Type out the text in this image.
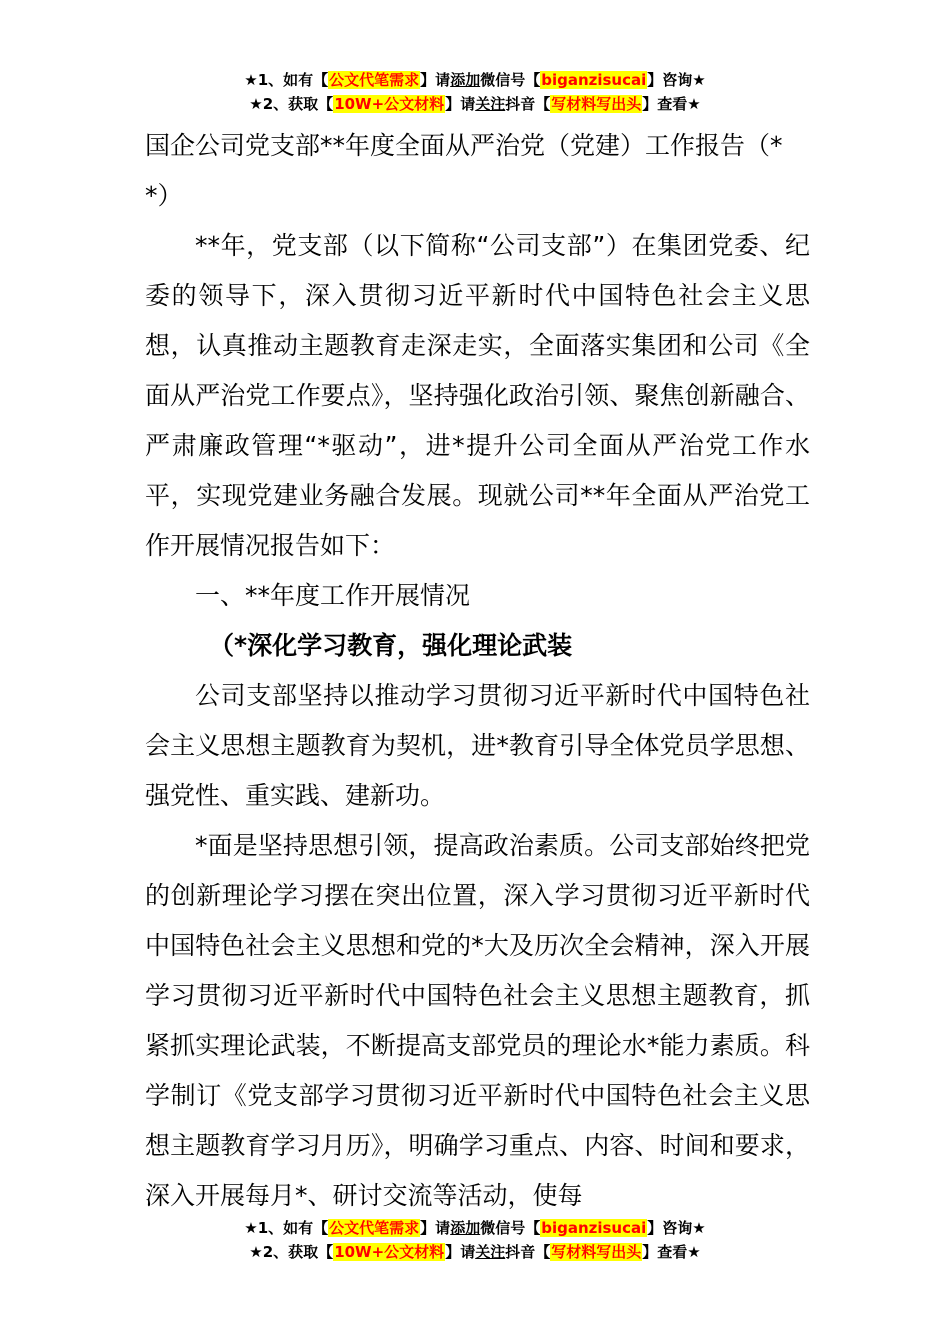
★1、如有【公文代笔需求】请添加微信号【biganzisucai】咨询★
★2、获取【10W+公文材料】请关注抖音【写材料写出头】查看★

国企公司党支部**年度全面从严治党（党建）工作报告（*

*）

**年，党支部（以下简称“公司支部”）在集团党委、纪委的领导下，深入贯彻习近平新时代中国特色社会主义思想，认真推动主题教育走深走实，全面落实集团和公司《全面从严治党工作要点》，坚持强化政治引领、聚焦创新融合、严肃廉政管理“*驱动”，进*提升公司全面从严治党工作水平，实现党建业务融合发展。现就公司**年全面从严治党工作开展情况报告如下：

一、**年度工作开展情况

（*深化学习教育，强化理论武装

公司支部坚持以推动学习贯彻习近平新时代中国特色社会主义思想主题教育为契机，进*教育引导全体党员学思想、强党性、重实践、建新功。

*面是坚持思想引领，提高政治素质。公司支部始终把党的创新理论学习摆在突出位置，深入学习贯彻习近平新时代中国特色社会主义思想和党的*大及历次全会精神，深入开展学习贯彻习近平新时代中国特色社会主义思想主题教育，抓紧抓实理论武装，不断提高支部党员的理论水*能力素质。科学制订《党支部学习贯彻习近平新时代中国特色社会主义思想主题教育学习月历》，明确学习重点、内容、时间和要求，深入开展每月*、研讨交流等活动，使每

★1、如有【公文代笔需求】请添加微信号【biganzisucai】咨询★
★2、获取【10W+公文材料】请关注抖音【写材料写出头】查看★
